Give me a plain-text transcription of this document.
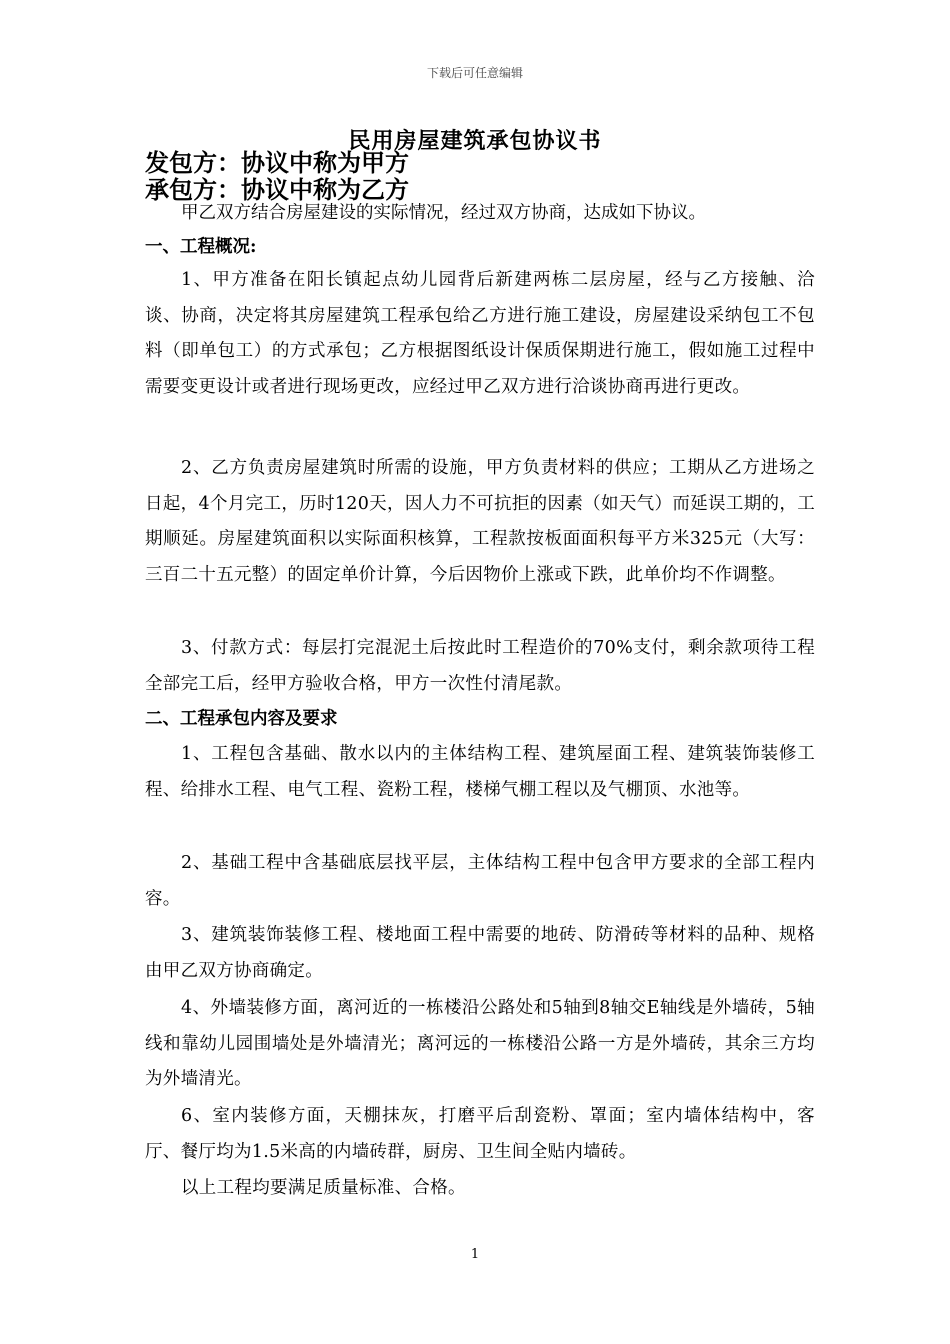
下载后可任意编辑
民用房屋建筑承包协议书
发包方：协议中称为甲方
承包方：协议中称为乙方
甲乙双方结合房屋建设的实际情况，经过双方协商，达成如下协议。
一、工程概况:
1、甲方准备在阳长镇起点幼儿园背后新建两栋二层房屋，经与乙方接触、洽谈、协商，决定将其房屋建筑工程承包给乙方进行施工建设，房屋建设采纳包工不包料（即单包工）的方式承包；乙方根据图纸设计保质保期进行施工，假如施工过程中需要变更设计或者进行现场更改，应经过甲乙双方进行洽谈协商再进行更改。
2、乙方负责房屋建筑时所需的设施，甲方负责材料的供应；工期从乙方进场之日起，4个月完工，历时120天，因人力不可抗拒的因素（如天气）而延误工期的，工期顺延。房屋建筑面积以实际面积核算，工程款按板面面积每平方米325元（大写：三百二十五元整）的固定单价计算，今后因物价上涨或下跌，此单价均不作调整。
3、付款方式：每层打完混泥土后按此时工程造价的70%支付，剩余款项待工程全部完工后，经甲方验收合格，甲方一次性付清尾款。
二、工程承包内容及要求
1、工程包含基础、散水以内的主体结构工程、建筑屋面工程、建筑装饰装修工程、给排水工程、电气工程、瓷粉工程，楼梯气棚工程以及气棚顶、水池等。
2、基础工程中含基础底层找平层，主体结构工程中包含甲方要求的全部工程内容。
3、建筑装饰装修工程、楼地面工程中需要的地砖、防滑砖等材料的品种、规格由甲乙双方协商确定。
4、外墙装修方面，离河近的一栋楼沿公路处和5轴到8轴交E轴线是外墙砖，5轴线和靠幼儿园围墙处是外墙清光；离河远的一栋楼沿公路一方是外墙砖，其余三方均为外墙清光。
6、室内装修方面，天棚抹灰，打磨平后刮瓷粉、罩面；室内墙体结构中，客厅、餐厅均为1.5米高的内墙砖群，厨房、卫生间全贴内墙砖。
以上工程均要满足质量标准、合格。
1
